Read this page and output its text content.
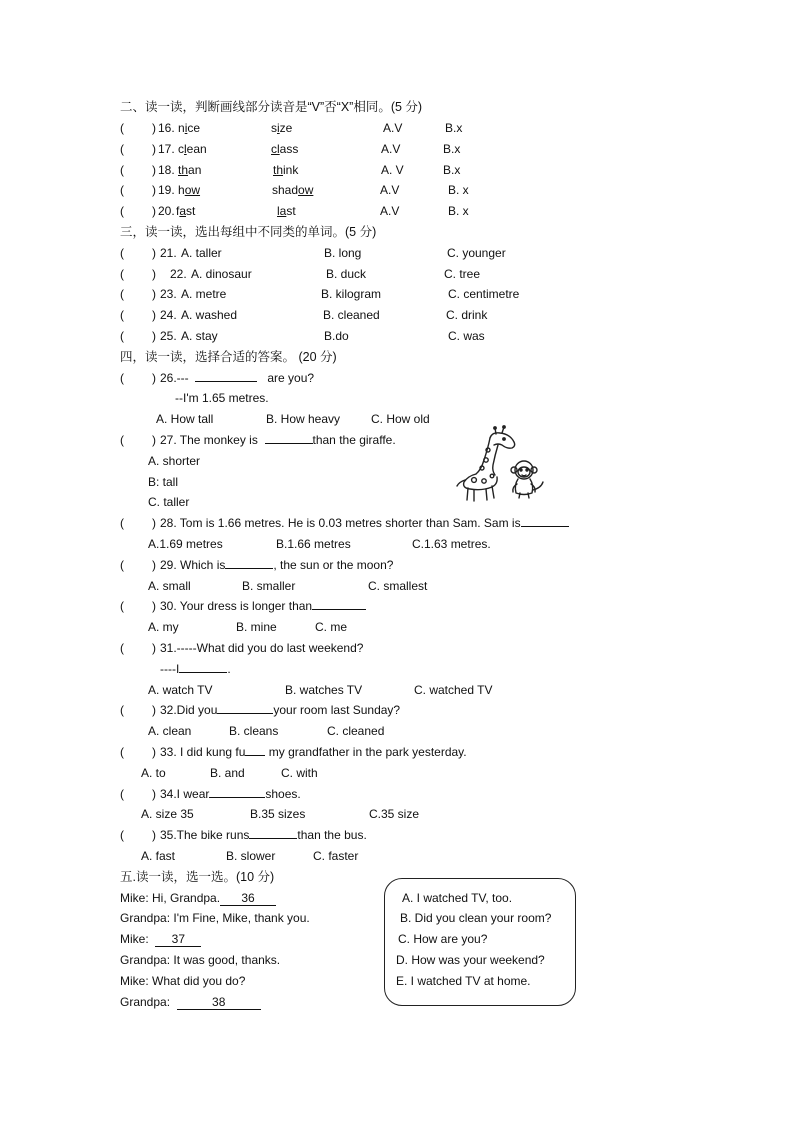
二、读一读，判断画线部分读音是“V”否“X”相同。(5 分)
( ) 16. nice	size	A.V	B.x
( ) 17. clean	class	A.V	B.x
( ) 18. than	think	A. V	B.x
( ) 19. how	shadow	A.V	B. x
( ) 20. fast	last	A.V	B. x
三，读一读，选出每组中不同类的单词。(5 分)
( ) 21. A. taller	B. long	C. younger
( ) 22. A. dinosaur	B. duck	C. tree
( ) 23. A. metre	B. kilogram	C. centimetre
( ) 24. A. washed	B. cleaned	C. drink
( ) 25. A. stay	B.do	C. was
四，读一读，选择合适的答案。 (20 分)
( ) 26.---	are you?
--I'm 1.65 metres.
A. How tall	B. How heavy	C. How old
( ) 27. The monkey is	than the giraffe.
A. shorter
B: tall
C. taller
( ) 28. Tom is 1.66 metres. He is 0.03 metres shorter than Sam. Sam is
A.1.69 metres	B.1.66 metres	C.1.63 metres.
( ) 29. Which is	, the sun or the moon?
A. small	B. smaller	C. smallest
( ) 30. Your dress is longer than
A. my	B. mine	C. me
( ) 31.-----What did you do last weekend?
----I	.
A. watch TV	B. watches TV	C. watched TV
( ) 32.Did you	your room last Sunday?
A. clean	B. cleans	C. cleaned
( ) 33. I did kung fu my grandfather in the park yesterday.
A. to	B. and	C. with
( ) 34.I wear	shoes.
A. size 35	B.35 sizes	C.35 size
( ) 35.The bike runs	than the bus.
A. fast	B. slower	C. faster
五.读一读，选一选。(10 分)
Mike: Hi, Grandpa. 36
Grandpa: I'm Fine, Mike, thank you.
Mike: 37
Grandpa: It was good, thanks.
Mike: What did you do?
Grandpa:	38
A. I watched TV, too.
B. Did you clean your room?
C. How are you?
D. How was your weekend?
E. I watched TV at home.
